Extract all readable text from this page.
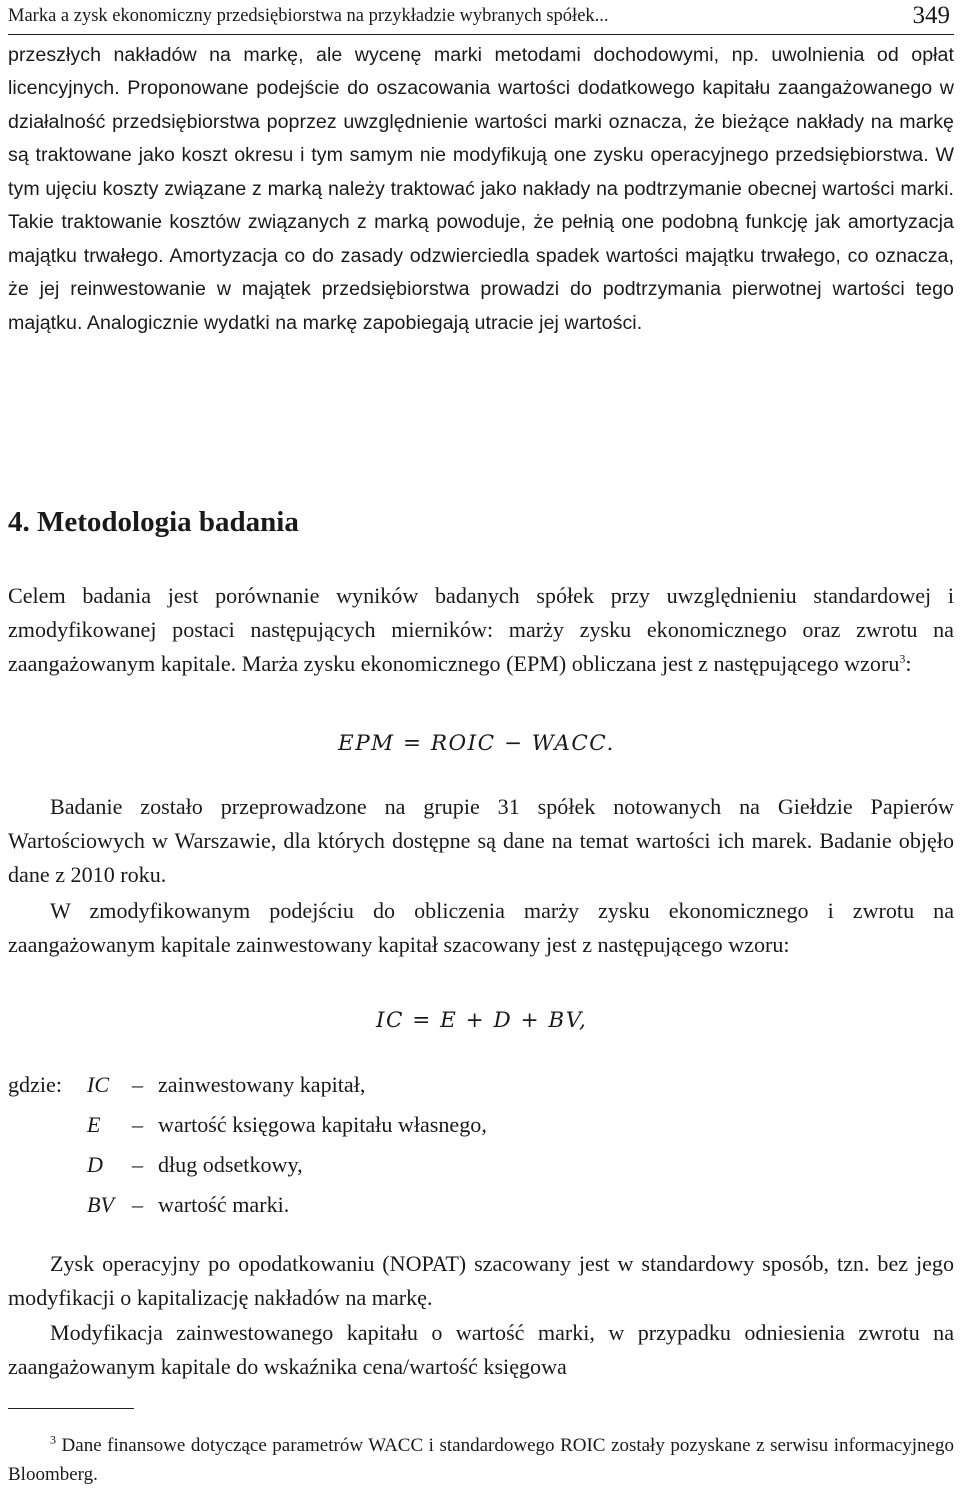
Marka a zysk ekonomiczny przedsiębiorstwa na przykładzie wybranych spółek...	349

przeszłych nakładów na markę, ale wycenę marki metodami dochodowymi, np. uwolnienia od opłat licencyjnych. Proponowane podejście do oszacowania wartości dodatkowego kapitału zaangażowanego w działalność przedsiębiorstwa poprzez uwzględnienie wartości marki oznacza, że bieżące nakłady na markę są traktowane jako koszt okresu i tym samym nie modyfikują one zysku operacyjnego przedsiębiorstwa. W tym ujęciu koszty związane z marką należy traktować jako nakłady na podtrzymanie obecnej wartości marki. Takie traktowanie kosztów związanych z marką powoduje, że pełnią one podobną funkcję jak amortyzacja majątku trwałego. Amortyzacja co do zasady odzwierciedla spadek wartości majątku trwałego, co oznacza, że jej reinwestowanie w majątek przedsiębiorstwa prowadzi do podtrzymania pierwotnej wartości tego majątku. Analogicznie wydatki na markę zapobiegają utracie jej wartości.

4. Metodologia badania

Celem badania jest porównanie wyników badanych spółek przy uwzględnieniu standardowej i zmodyfikowanej postaci następujących mierników: marży zysku ekonomicznego oraz zwrotu na zaangażowanym kapitale. Marża zysku ekonomicznego (EPM) obliczana jest z następującego wzoru$^3$:

EPM = ROIC − WACC.

Badanie zostało przeprowadzone na grupie 31 spółek notowanych na Giełdzie Papierów Wartościowych w Warszawie, dla których dostępne są dane na temat wartości ich marek. Badanie objęło dane z 2010 roku.

W zmodyfikowanym podejściu do obliczenia marży zysku ekonomicznego i zwrotu na zaangażowanym kapitale zainwestowany kapitał szacowany jest z następującego wzoru:

IC = E + D + BV,
gdzie: IC – zainwestowany kapitał,
E – wartość księgowa kapitału własnego,
D – dług odsetkowy,
BV – wartość marki.

Zysk operacyjny po opodatkowaniu (NOPAT) szacowany jest w standardowy sposób, tzn. bez jego modyfikacji o kapitalizację nakładów na markę.

Modyfikacja zainwestowanego kapitału o wartość marki, w przypadku odniesienia zwrotu na zaangażowanym kapitale do wskaźnika cena/wartość księgowa

$^3$ Dane finansowe dotyczące parametrów WACC i standardowego ROIC zostały pozyskane z serwisu informacyjnego Bloomberg.
